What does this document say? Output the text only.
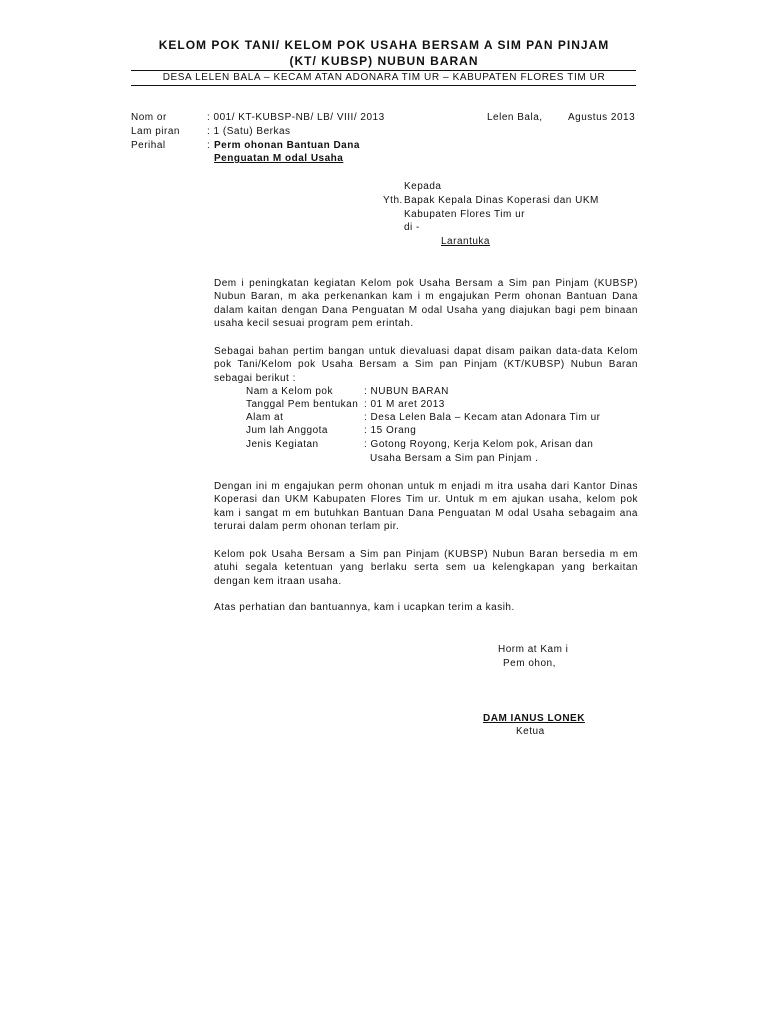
KELOM POK TANI/ KELOM POK USAHA BERSAM A SIM PAN PINJAM
(KT/ KUBSP) NUBUN BARAN
DESA LELEN BALA – KECAM ATAN ADONARA TIM UR – KABUPATEN FLORES TIM UR
Nom or	: 001/ KT-KUBSP-NB/ LB/ VIII/ 2013	Lelen Bala,	Agustus 2013
Lam piran	: 1 (Satu) Berkas
Perihal	: Perm ohonan Bantuan Dana
Penguatan M odal Usaha
Kepada
Yth. Bapak Kepala Dinas Koperasi dan UKM
Kabupaten Flores Tim ur
di -
Larantuka
Dem i peningkatan kegiatan Kelom pok Usaha Bersam a Sim pan Pinjam (KUBSP) Nubun Baran, m aka perkenankan kam i m engajukan Perm ohonan Bantuan Dana dalam kaitan dengan Dana Penguatan M odal Usaha yang diajukan bagi pem binaan usaha kecil sesuai program pem erintah.
Sebagai bahan pertim bangan untuk dievaluasi dapat disam paikan data-data Kelom pok Tani/Kelom pok Usaha Bersam a Sim pan Pinjam (KT/KUBSP) Nubun Baran sebagai berikut :
Nam a Kelom pok	: NUBUN BARAN
Tanggal Pem bentukan : 01 M aret 2013
Alam at	: Desa Lelen Bala – Kecam atan Adonara Tim ur
Jum lah Anggota	: 15 Orang
Jenis Kegiatan	: Gotong Royong, Kerja Kelom pok, Arisan dan
Usaha Bersam a Sim pan Pinjam .
Dengan ini m engajukan perm ohonan untuk m enjadi m itra usaha dari Kantor Dinas Koperasi dan UKM Kabupaten Flores Tim ur. Untuk m em ajukan usaha, kelom pok kam i sangat m em butuhkan Bantuan Dana Penguatan M odal Usaha sebagaim ana terurai dalam perm ohonan terlam pir.
Kelom pok Usaha Bersam a Sim pan Pinjam (KUBSP) Nubun Baran bersedia m em atuhi segala ketentuan yang berlaku serta sem ua kelengkapan yang berkaitan dengan kem itraan usaha.
Atas perhatian dan bantuannya, kam i ucapkan terim a kasih.
Horm at Kam i
Pem ohon,
DAM IANUS LONEK
Ketua
